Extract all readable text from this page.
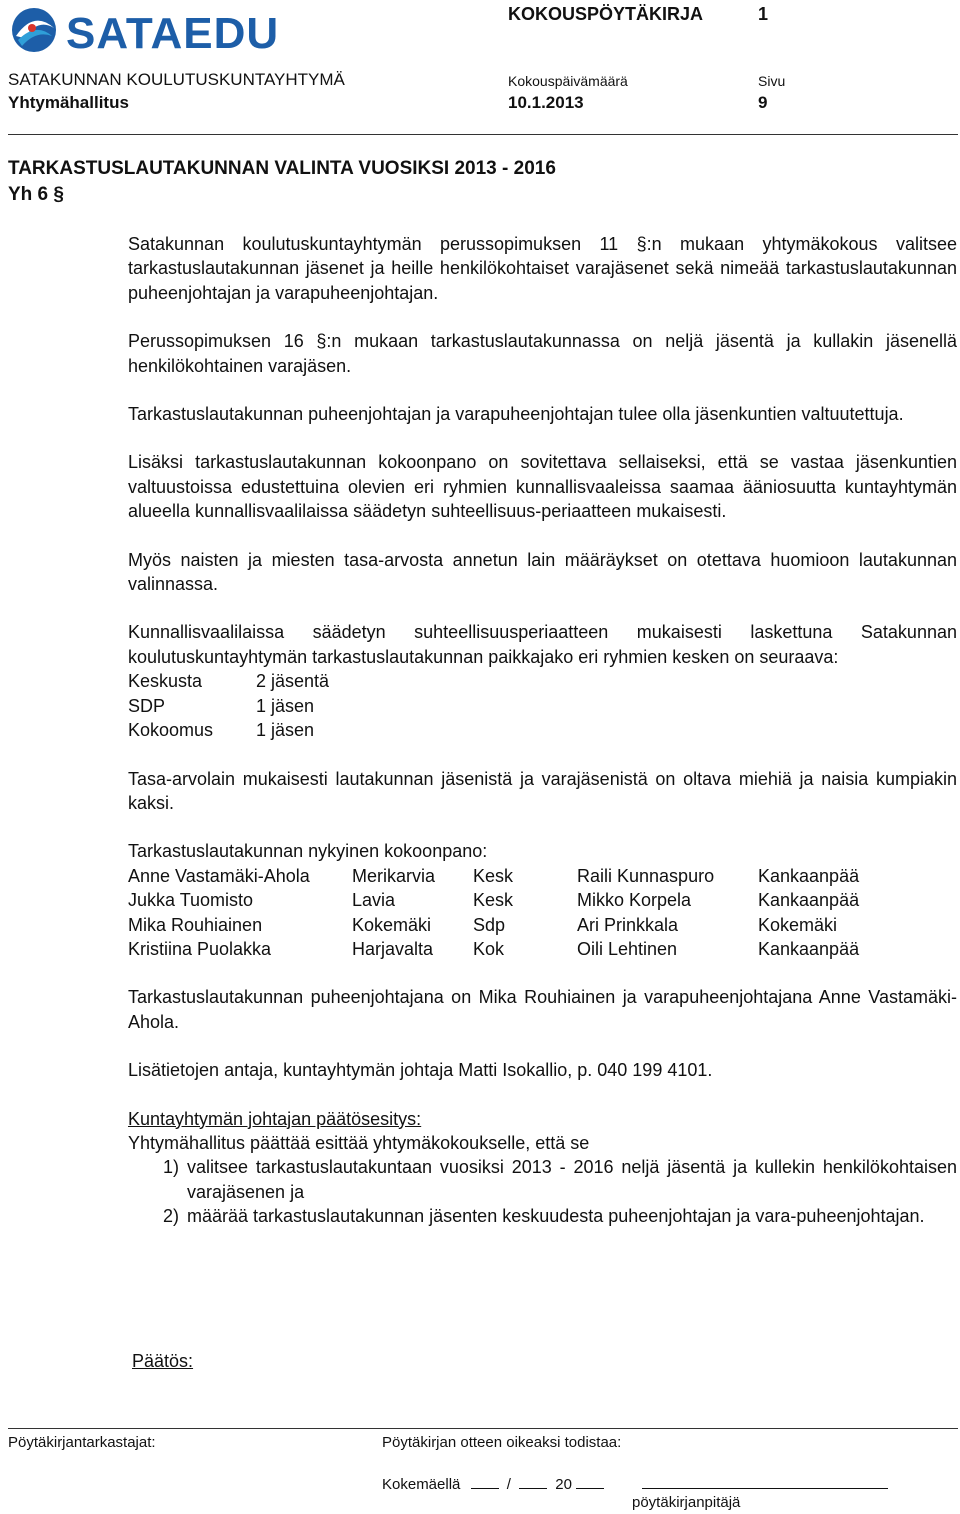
SATAEDU	KOKOUSPÖYTÄKIRJA	1
SATAKUNNAN KOULUTUSKUNTAYHTYMÄ	Kokouspäivämäärä	Sivu
Yhtymähallitus	10.1.2013	9
TARKASTUSLAUTAKUNNAN VALINTA VUOSIKSI 2013 - 2016
Yh 6 §

Satakunnan koulutuskuntayhtymän perussopimuksen 11 §:n mukaan yhtymäkokous valitsee tarkastuslautakunnan jäsenet ja heille henkilökohtaiset varajäsenet sekä nimeää tarkastuslautakunnan puheenjohtajan ja varapuheenjohtajan.

Perussopimuksen 16 §:n mukaan tarkastuslautakunnassa on neljä jäsentä ja kullakin jäsenellä henkilökohtainen varajäsen.

Tarkastuslautakunnan puheenjohtajan ja varapuheenjohtajan tulee olla jäsenkuntien valtuutettuja.

Lisäksi tarkastuslautakunnan kokoonpano on sovitettava sellaiseksi, että se vastaa jäsenkuntien valtuustoissa edustettuina olevien eri ryhmien kunnallisvaaleissa saamaa ääniosuutta kuntayhtymän alueella kunnallisvaalilaissa säädetyn suhteellisuus-periaatteen mukaisesti.

Myös naisten ja miesten tasa-arvosta annetun lain määräykset on otettava huomioon lautakunnan valinnassa.

Kunnallisvaalilaissa säädetyn suhteellisuusperiaatteen mukaisesti laskettuna Satakunnan koulutuskuntayhtymän tarkastuslautakunnan paikkajako eri ryhmien kesken on seuraava:

Keskusta	2 jäsentä
SDP	1 jäsen
Kokoomus	1 jäsen

Tasa-arvolain mukaisesti lautakunnan jäsenistä ja varajäsenistä on oltava miehiä ja naisia kumpiakin kaksi.

Tarkastuslautakunnan nykyinen kokoonpano:

Anne Vastamäki-Ahola	Merikarvia	Kesk	Raili Kunnaspuro	Kankaanpää
Jukka Tuomisto	Lavia	Kesk	Mikko Korpela	Kankaanpää
Mika Rouhiainen	Kokemäki	Sdp	Ari Prinkkala	Kokemäki
Kristiina Puolakka	Harjavalta	Kok	Oili Lehtinen	Kankaanpää

Tarkastuslautakunnan puheenjohtajana on Mika Rouhiainen ja varapuheenjohtajana Anne Vastamäki-Ahola.

Lisätietojen antaja, kuntayhtymän johtaja Matti Isokallio, p. 040 199 4101.

Kuntayhtymän johtajan päätösesitys:

Yhtymähallitus päättää esittää yhtymäkokoukselle, että se

1) valitsee tarkastuslautakuntaan vuosiksi 2013 - 2016 neljä jäsentä ja kullekin henkilökohtaisen varajäsenen ja
2) määrää tarkastuslautakunnan jäsenten keskuudesta puheenjohtajan ja vara-puheenjohtajan.
Päätös:
Pöytäkirjantarkastajat:	Pöytäkirjan otteen oikeaksi todistaa:
Kokemäellä	/	20
pöytäkirjanpitäjä
